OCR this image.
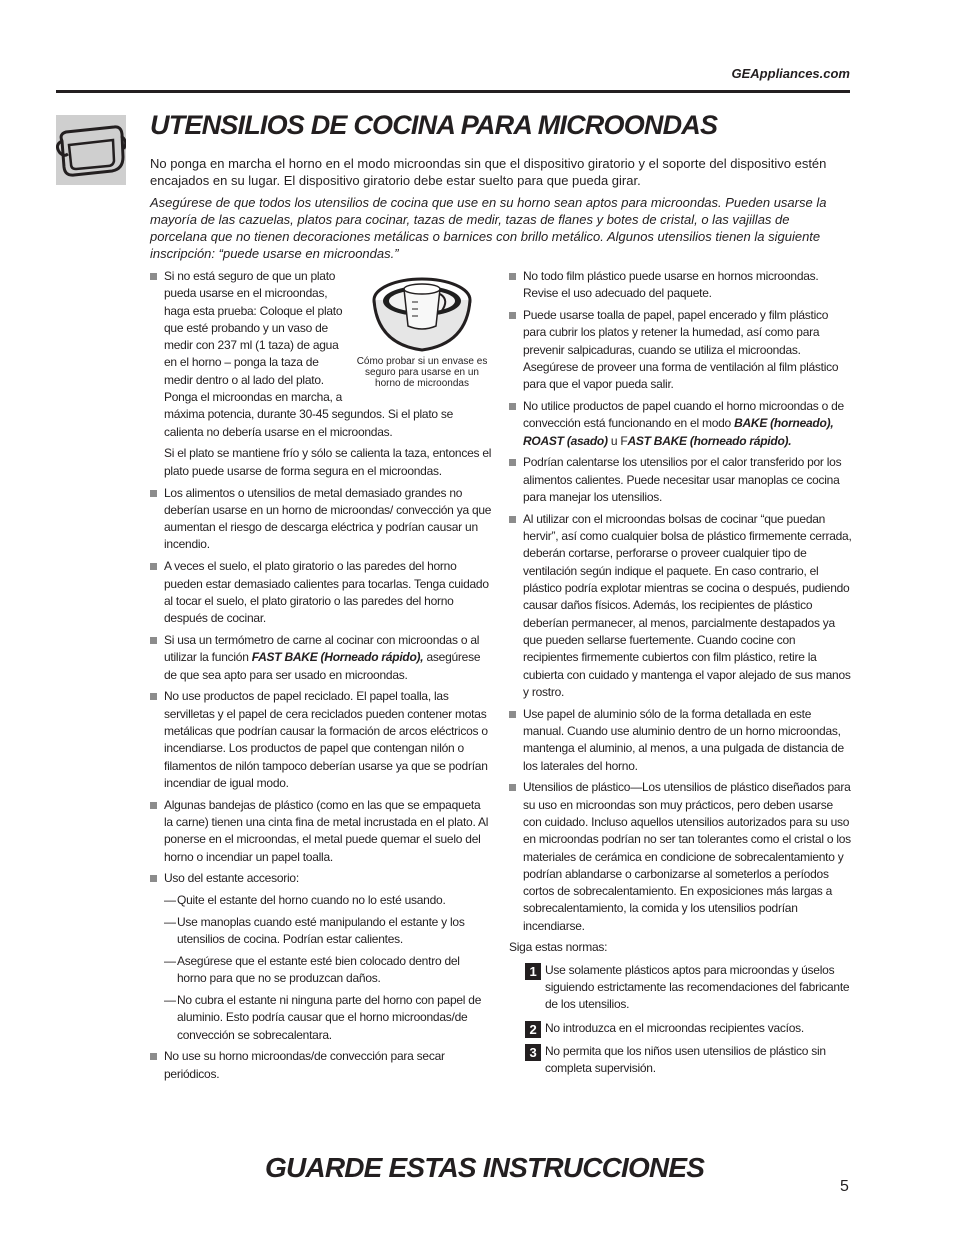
GEAppliances.com
UTENSILIOS DE COCINA PARA MICROONDAS

No ponga en marcha el horno en el modo microondas sin que el dispositivo giratorio y el soporte del dispositivo estén encajados en su lugar. El dispositivo giratorio debe estar suelto para que pueda girar.

Asegúrese de que todos los utensilios de cocina que use en su horno sean aptos para microondas. Pueden usarse la mayoría de las cazuelas, platos para cocinar, tazas de medir, tazas de flanes y botes de cristal, o las vajillas de porcelana que no tienen decoraciones metálicas o barnices con brillo metálico. Algunos utensilios tienen la siguiente inscripción: “puede usarse en microondas.”

Cómo probar si un envase es seguro para usarse en un horno de microondas
Si no está seguro de que un plato pueda usarse en el microondas, haga esta prueba: Coloque el plato que esté probando y un vaso de medir con 237 ml (1 taza) de agua en el horno – ponga la taza de medir dentro o al lado del plato. Ponga el microondas en marcha, a máxima potencia, durante 30-45 segundos. Si el plato se calienta no debería usarse en el microondas.

Si el plato se mantiene frío y sólo se calienta la taza, entonces el plato puede usarse de forma segura en el microondas.

Los alimentos o utensilios de metal demasiado grandes no deberían usarse en un horno de microondas/ convección ya que aumentan el riesgo de descarga eléctrica y podrían causar un incendio.
A veces el suelo, el plato giratorio o las paredes del horno pueden estar demasiado calientes para tocarlas. Tenga cuidado al tocar el suelo, el plato giratorio o las paredes del horno después de cocinar.
Si usa un termómetro de carne al cocinar con microondas o al utilizar la función FAST BAKE (Horneado rápido), asegúrese de que sea apto para ser usado en microondas.
No use productos de papel reciclado. El papel toalla, las servilletas y el papel de cera reciclados pueden contener motas metálicas que podrían causar la formación de arcos eléctricos o incendiarse. Los productos de papel que contengan nilón o filamentos de nilón tampoco deberían usarse ya que se podrían incendiar de igual modo.
Algunas bandejas de plástico (como en las que se empaqueta la carne) tienen una cinta fina de metal incrustada en el plato. Al ponerse en el microondas, el metal puede quemar el suelo del horno o incendiar un papel toalla.
Uso del estante accesorio:
— Quite el estante del horno cuando no lo esté usando.
— Use manoplas cuando esté manipulando el estante y los utensilios de cocina. Podrían estar calientes.
— Asegúrese que el estante esté bien colocado dentro del horno para que no se produzcan daños.
— No cubra el estante ni ninguna parte del horno con papel de aluminio. Esto podría causar que el horno microondas/de convección se sobrecalentara.
No use su horno microondas/de convección para secar periódicos.
No todo film plástico puede usarse en hornos microondas. Revise el uso adecuado del paquete.
Puede usarse toalla de papel, papel encerado y film plástico para cubrir los platos y retener la humedad, así como para prevenir salpicaduras, cuando se utiliza el microondas. Asegúrese de proveer una forma de ventilación al film plástico para que el vapor pueda salir.
No utilice productos de papel cuando el horno microondas o de convección está funcionando en el modo BAKE (horneado), ROAST (asado) u FAST BAKE (horneado rápido).
Podrían calentarse los utensilios por el calor transferido por los alimentos calientes. Puede necesitar usar manoplas ce cocina para manejar los utensilios.
Al utilizar con el microondas bolsas de cocinar “que puedan hervir”, así como cualquier bolsa de plástico firmemente cerrada, deberán cortarse, perforarse o proveer cualquier tipo de ventilación según indique el paquete. En caso contrario, el plástico podría explotar mientras se cocina o después, pudiendo causar daños físicos. Además, los recipientes de plástico deberían permanecer, al menos, parcialmente destapados ya que pueden sellarse fuertemente. Cuando cocine con recipientes firmemente cubiertos con film plástico, retire la cubierta con cuidado y mantenga el vapor alejado de sus manos y rostro.
Use papel de aluminio sólo de la forma detallada en este manual. Cuando use aluminio dentro de un horno microondas, mantenga el aluminio, al menos, a una pulgada de distancia de los laterales del horno.
Utensilios de plástico—Los utensilios de plástico diseñados para su uso en microondas son muy prácticos, pero deben usarse con cuidado. Incluso aquellos utensilios autorizados para su uso en microondas podrían no ser tan tolerantes como el cristal o los materiales de cerámica en condicione de sobrecalentamiento y podrían ablandarse o carbonizarse al someterlos a períodos cortos de sobrecalentamiento. En exposiciones más largas a sobrecalentamiento, la comida y los utensilios podrían incendiarse.

Siga estas normas:

1 Use solamente plásticos aptos para microondas y úselos siguiendo estrictamente las recomendaciones del fabricante de los utensilios.
2 No introduzca en el microondas recipientes vacíos.
3 No permita que los niños usen utensilios de plástico sin completa supervisión.
GUARDE ESTAS INSTRUCCIONES
5
